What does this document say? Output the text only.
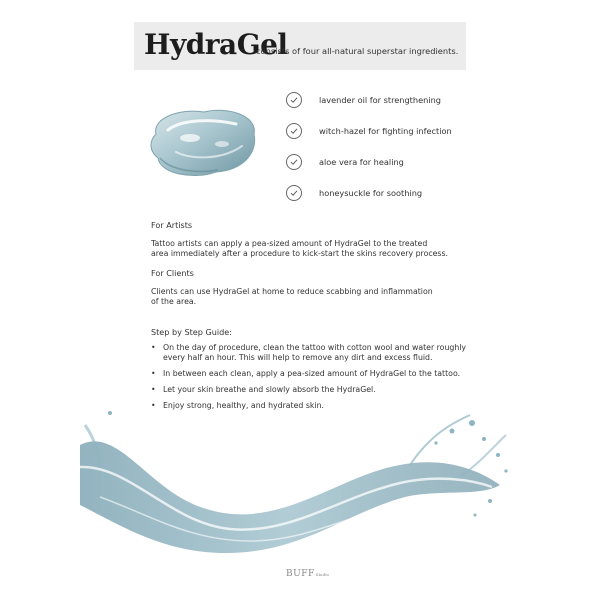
HydraGel
consists of four all-natural superstar ingredients.
lavender oil for strengthening
witch-hazel for fighting infection
aloe vera for healing
honeysuckle for soothing

For Artists

Tattoo artists can apply a pea-sized amount of HydraGel to the treated

area immediately after a procedure to kick-start the skins recovery process.

For Clients

Clients can use HydraGel at home to reduce scabbing and inflammation

of the area.

Step by Step Guide:

• On the day of procedure, clean the tattoo with cotton wool and water roughly
every half an hour. This will help to remove any dirt and excess fluid.
• In between each clean, apply a pea-sized amount of HydraGel to the tattoo.
• Let your skin breathe and slowly absorb the HydraGel.
• Enjoy strong, healthy, and hydrated skin.
BUFFStudio
